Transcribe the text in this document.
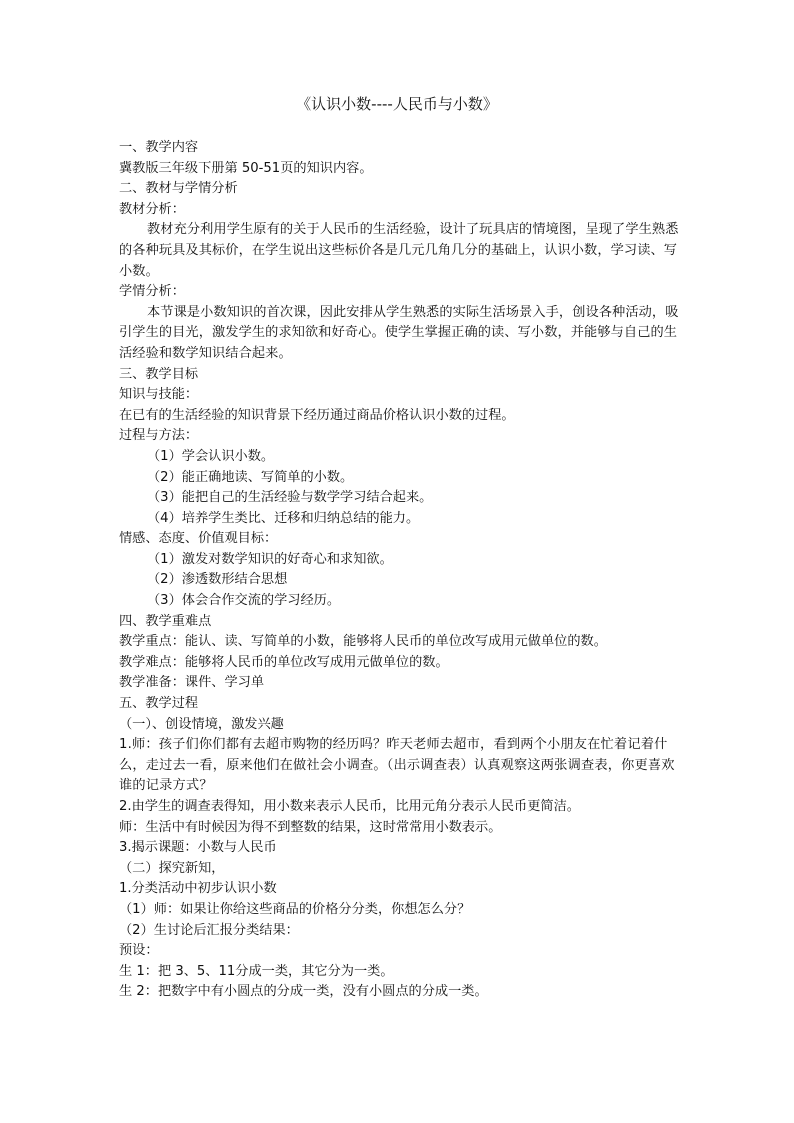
《认识小数----人民币与小数》
一、教学内容
冀教版三年级下册第 50-51页的知识内容。
二、教材与学情分析
教材分析：
教材充分利用学生原有的关于人民币的生活经验，设计了玩具店的情境图，呈现了学生熟悉的各种玩具及其标价，在学生说出这些标价各是几元几角几分的基础上，认识小数，学习读、写小数。
学情分析：
本节课是小数知识的首次课，因此安排从学生熟悉的实际生活场景入手，创设各种活动，吸引学生的目光，激发学生的求知欲和好奇心。使学生掌握正确的读、写小数，并能够与自己的生活经验和数学知识结合起来。
三、教学目标
知识与技能：
在已有的生活经验的知识背景下经历通过商品价格认识小数的过程。
过程与方法：
（1）学会认识小数。
（2）能正确地读、写简单的小数。
（3）能把自己的生活经验与数学学习结合起来。
（4）培养学生类比、迁移和归纳总结的能力。
情感、态度、价值观目标：
（1）激发对数学知识的好奇心和求知欲。
（2）渗透数形结合思想
（3）体会合作交流的学习经历。
四、教学重难点
教学重点：能认、读、写简单的小数，能够将人民币的单位改写成用元做单位的数。
教学难点：能够将人民币的单位改写成用元做单位的数。
教学准备：课件、学习单
五、教学过程
（一）、创设情境，激发兴趣
1.师：孩子们你们都有去超市购物的经历吗？昨天老师去超市，看到两个小朋友在忙着记着什么，走过去一看，原来他们在做社会小调查。（出示调查表）认真观察这两张调查表，你更喜欢谁的记录方式？
2.由学生的调查表得知，用小数来表示人民币，比用元角分表示人民币更简洁。
师：生活中有时候因为得不到整数的结果，这时常常用小数表示。
3.揭示课题：小数与人民币
（二）探究新知，
1.分类活动中初步认识小数
（1）师：如果让你给这些商品的价格分分类，你想怎么分？
（2）生讨论后汇报分类结果：
预设：
生 1：把 3、5、11分成一类，其它分为一类。
生 2：把数字中有小圆点的分成一类，没有小圆点的分成一类。
